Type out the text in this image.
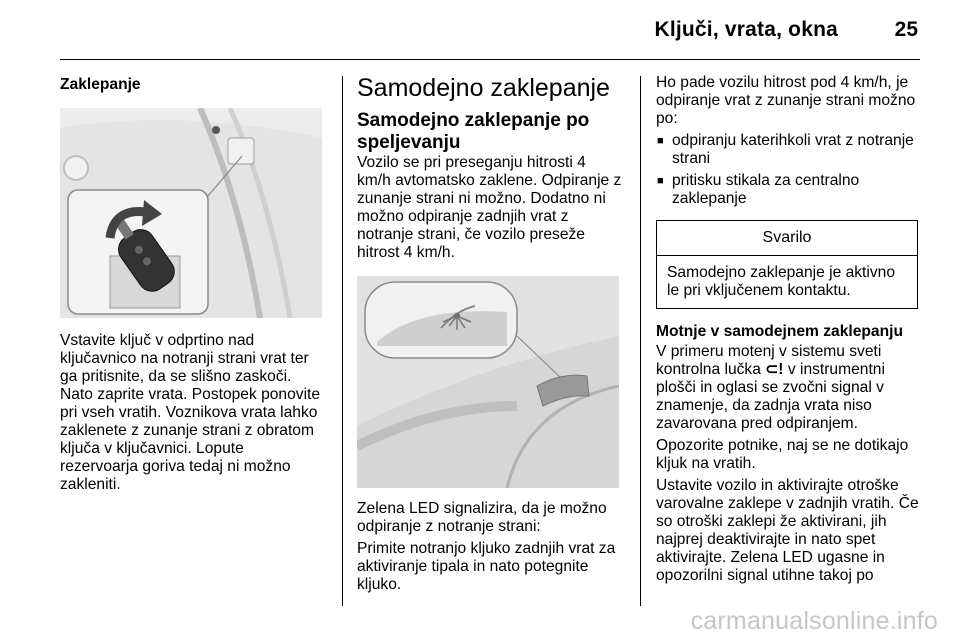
Ključi, vrata, okna	25
Zaklepanje

Vstavite ključ v odprtino nad ključavnico na notranji strani vrat ter ga pritisnite, da se slišno zaskoči. Nato zaprite vrata. Postopek ponovite pri vseh vratih. Voznikova vrata lahko zaklenete z zunanje strani z obratom ključa v ključavnici. Lopute rezervoarja goriva tedaj ni možno zakleniti.

Samodejno zaklepanje
Samodejno zaklepanje po speljevanju

Vozilo se pri preseganju hitrosti 4 km/h avtomatsko zaklene. Odpiranje z zunanje strani ni možno. Dodatno ni možno odpiranje zadnjih vrat z notranje strani, če vozilo preseže hitrost 4 km/h.

Zelena LED signalizira, da je možno odpiranje z notranje strani:

Primite notranjo kljuko zadnjih vrat za aktiviranje tipala in nato potegnite kljuko.

Ho pade vozilu hitrost pod 4 km/h, je odpiranje vrat z zunanje strani možno po:

■ odpiranju katerihkoli vrat z notranje strani
■ pritisku stikala za centralno zaklepanje
Svarilo
Samodejno zaklepanje je aktivno le pri vključenem kontaktu.
Motnje v samodejnem zaklepanju

V primeru motenj v sistemu sveti kontrolna lučka ⊂! v instrumentni plošči in oglasi se zvočni signal v znamenje, da zadnja vrata niso zavarovana pred odpiranjem.

Opozorite potnike, naj se ne dotikajo kljuk na vratih.

Ustavite vozilo in aktivirajte otroške varovalne zaklepe v zadnjih vratih. Če so otroški zaklepi že aktivirani, jih najprej deaktivirajte in nato spet aktivirajte. Zelena LED ugasne in opozorilni signal utihne takoj po

carmanualsonline.info
